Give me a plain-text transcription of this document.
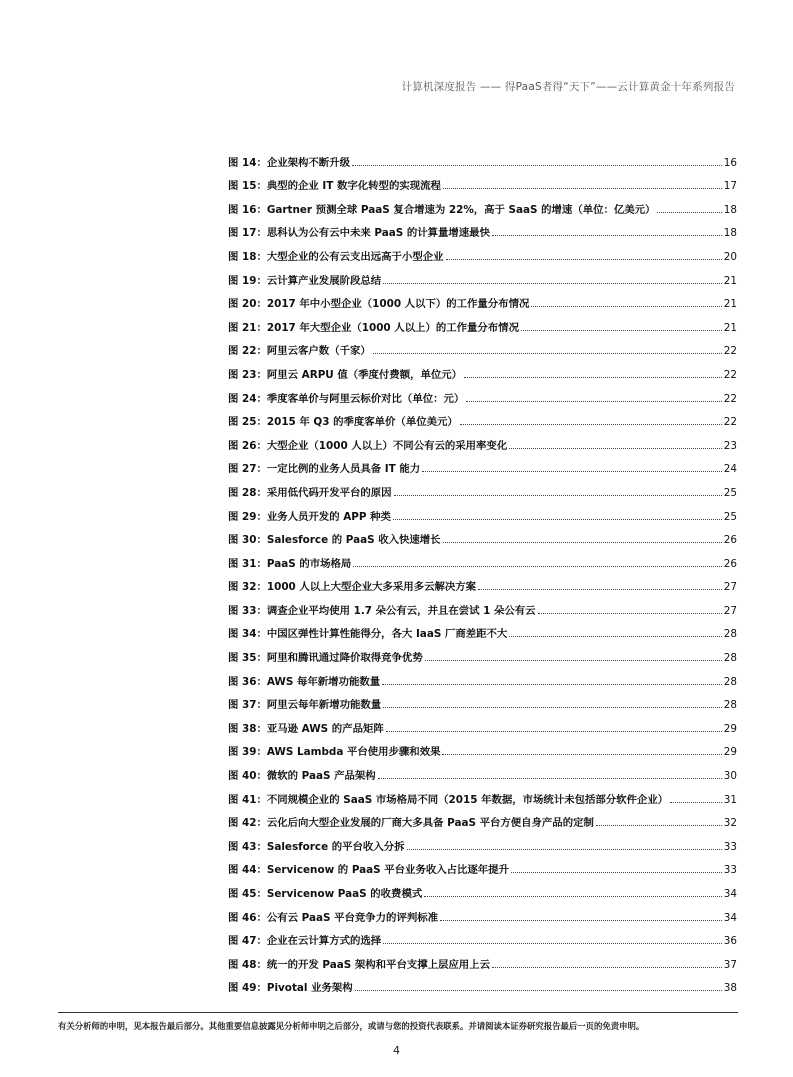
计算机深度报告 —— 得PaaS者得“天下”——云计算黄金十年系列报告
图 14：企业架构不断升级	16
图 15：典型的企业 IT 数字化转型的实现流程	17
图 16：Gartner 预测全球 PaaS 复合增速为 22%，高于 SaaS 的增速（单位：亿美元）	18
图 17：思科认为公有云中未来 PaaS 的计算量增速最快	18
图 18：大型企业的公有云支出远高于小型企业	20
图 19：云计算产业发展阶段总结	21
图 20：2017 年中小型企业（1000 人以下）的工作量分布情况	21
图 21：2017 年大型企业（1000 人以上）的工作量分布情况	21
图 22：阿里云客户数（千家）	22
图 23：阿里云 ARPU 值（季度付费额，单位元）	22
图 24：季度客单价与阿里云标价对比（单位：元）	22
图 25：2015 年 Q3 的季度客单价（单位美元）	22
图 26：大型企业（1000 人以上）不同公有云的采用率变化	23
图 27：一定比例的业务人员具备 IT 能力	24
图 28：采用低代码开发平台的原因	25
图 29：业务人员开发的 APP 种类	25
图 30：Salesforce 的 PaaS 收入快速增长	26
图 31：PaaS 的市场格局	26
图 32：1000 人以上大型企业大多采用多云解决方案	27
图 33：调查企业平均使用 1.7 朵公有云，并且在尝试 1 朵公有云	27
图 34：中国区弹性计算性能得分，各大 IaaS 厂商差距不大	28
图 35：阿里和腾讯通过降价取得竞争优势	28
图 36：AWS 每年新增功能数量	28
图 37：阿里云每年新增功能数量	28
图 38：亚马逊 AWS 的产品矩阵	29
图 39：AWS Lambda 平台使用步骤和效果	29
图 40：微软的 PaaS 产品架构	30
图 41：不同规模企业的 SaaS 市场格局不同（2015 年数据，市场统计未包括部分软件企业）	31
图 42：云化后向大型企业发展的厂商大多具备 PaaS 平台方便自身产品的定制	32
图 43：Salesforce 的平台收入分拆	33
图 44：Servicenow 的 PaaS 平台业务收入占比逐年提升	33
图 45：Servicenow PaaS 的收费模式	34
图 46：公有云 PaaS 平台竞争力的评判标准	34
图 47：企业在云计算方式的选择	36
图 48：统一的开发 PaaS 架构和平台支撑上层应用上云	37
图 49：Pivotal 业务架构	38
有关分析师的申明，见本报告最后部分。其他重要信息披露见分析师申明之后部分，或请与您的投资代表联系。并请阅读本证券研究报告最后一页的免责申明。
4
